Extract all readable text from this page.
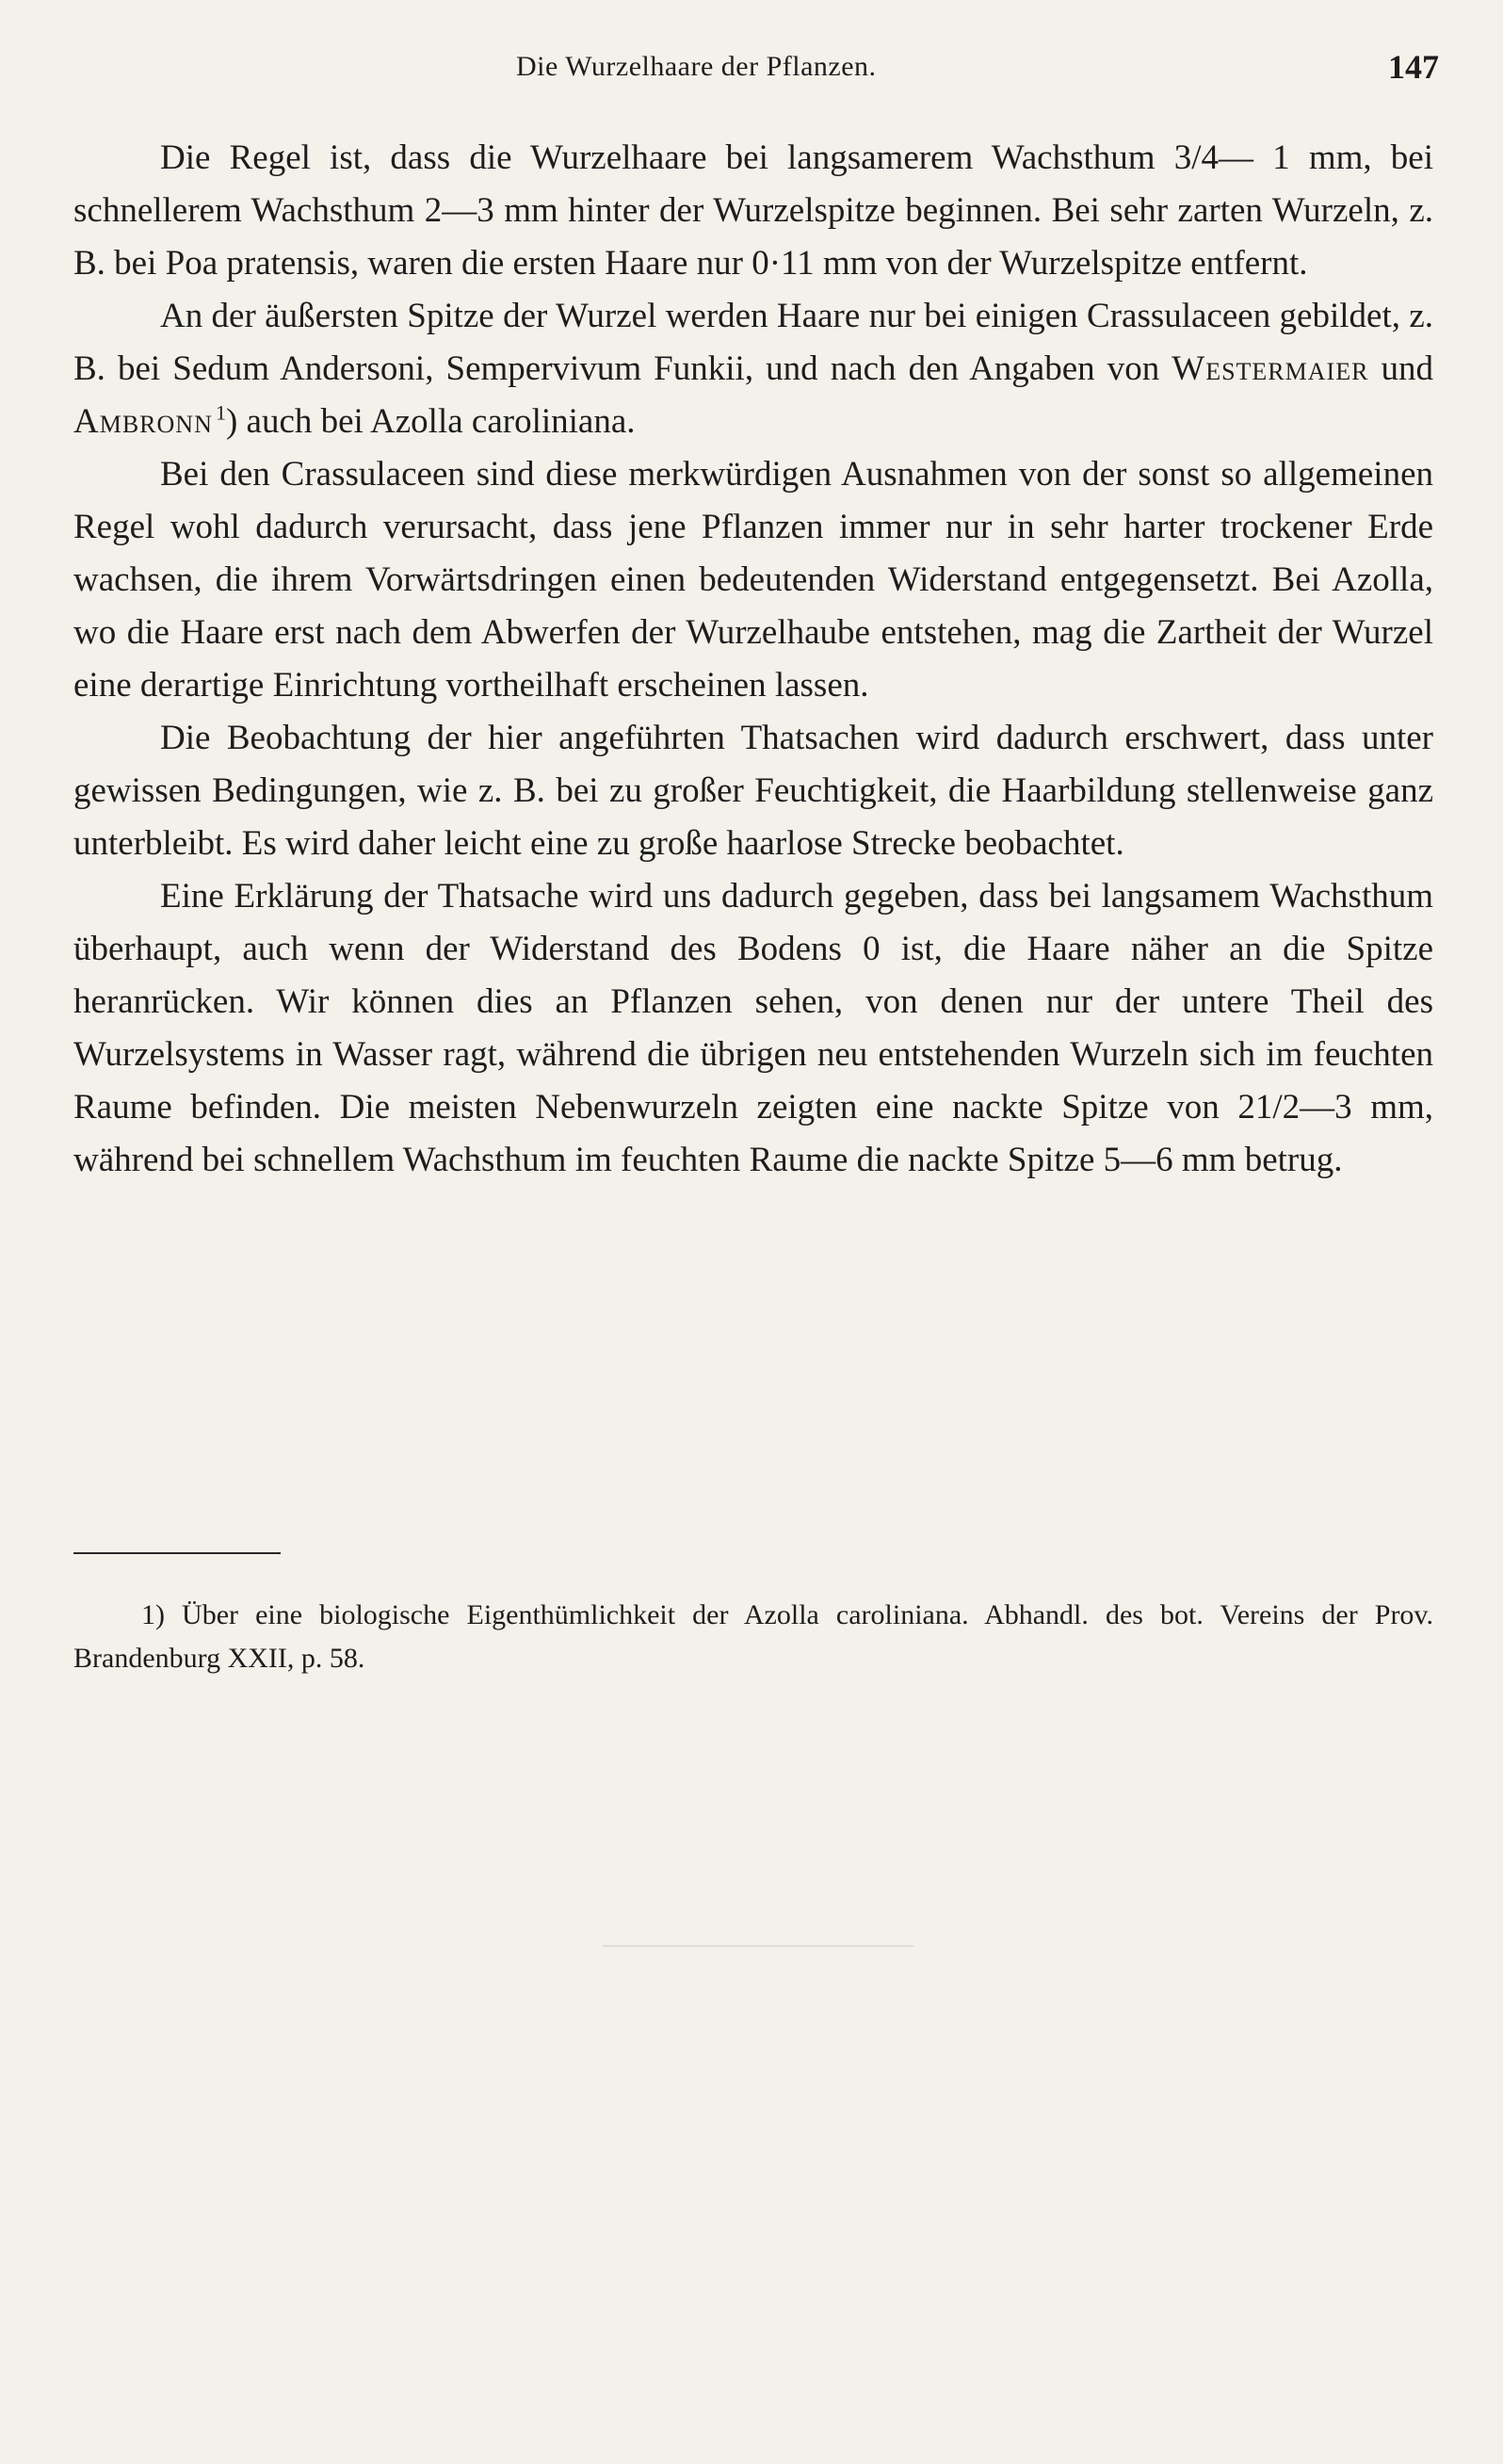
Die Wurzelhaare der Pflanzen.	147

Die Regel ist, dass die Wurzelhaare bei langsamerem Wachsthum 3/4— 1 mm, bei schnellerem Wachsthum 2—3 mm hinter der Wurzelspitze beginnen. Bei sehr zarten Wurzeln, z. B. bei Poa pratensis, waren die ersten Haare nur 0·11 mm von der Wurzelspitze entfernt.

An der äußersten Spitze der Wurzel werden Haare nur bei einigen Crassulaceen gebildet, z. B. bei Sedum Andersoni, Sempervivum Funkii, und nach den Angaben von Westermaier und Ambronn  $^1$) auch bei Azolla caroliniana.

Bei den Crassulaceen sind diese merkwürdigen Ausnahmen von der sonst so allgemeinen Regel wohl dadurch verursacht, dass jene Pflanzen immer nur in sehr harter trockener Erde wachsen, die ihrem Vorwärtsdringen einen bedeutenden Widerstand entgegensetzt. Bei Azolla, wo die Haare erst nach dem Abwerfen der Wurzelhaube entstehen, mag die Zartheit der Wurzel eine derartige Einrichtung vortheilhaft erscheinen lassen.

Die Beobachtung der hier angeführten Thatsachen wird dadurch erschwert, dass unter gewissen Bedingungen, wie z. B. bei zu großer Feuchtigkeit, die Haarbildung stellenweise ganz unterbleibt. Es wird daher leicht eine zu große haarlose Strecke beobachtet.

Eine Erklärung der Thatsache wird uns dadurch gegeben, dass bei langsamem Wachsthum überhaupt, auch wenn der Widerstand des Bodens 0 ist, die Haare näher an die Spitze heranrücken. Wir können dies an Pflanzen sehen, von denen nur der untere Theil des Wurzelsystems in Wasser ragt, während die übrigen neu entstehenden Wurzeln sich im feuchten Raume befinden. Die meisten Nebenwurzeln zeigten eine nackte Spitze von 21/2—3 mm, während bei schnellem Wachsthum im feuchten Raume die nackte Spitze 5—6 mm betrug.

1) Über eine biologische Eigenthümlichkeit der Azolla caroliniana. Abhandl. des bot. Vereins der Prov. Brandenburg XXII, p. 58.
